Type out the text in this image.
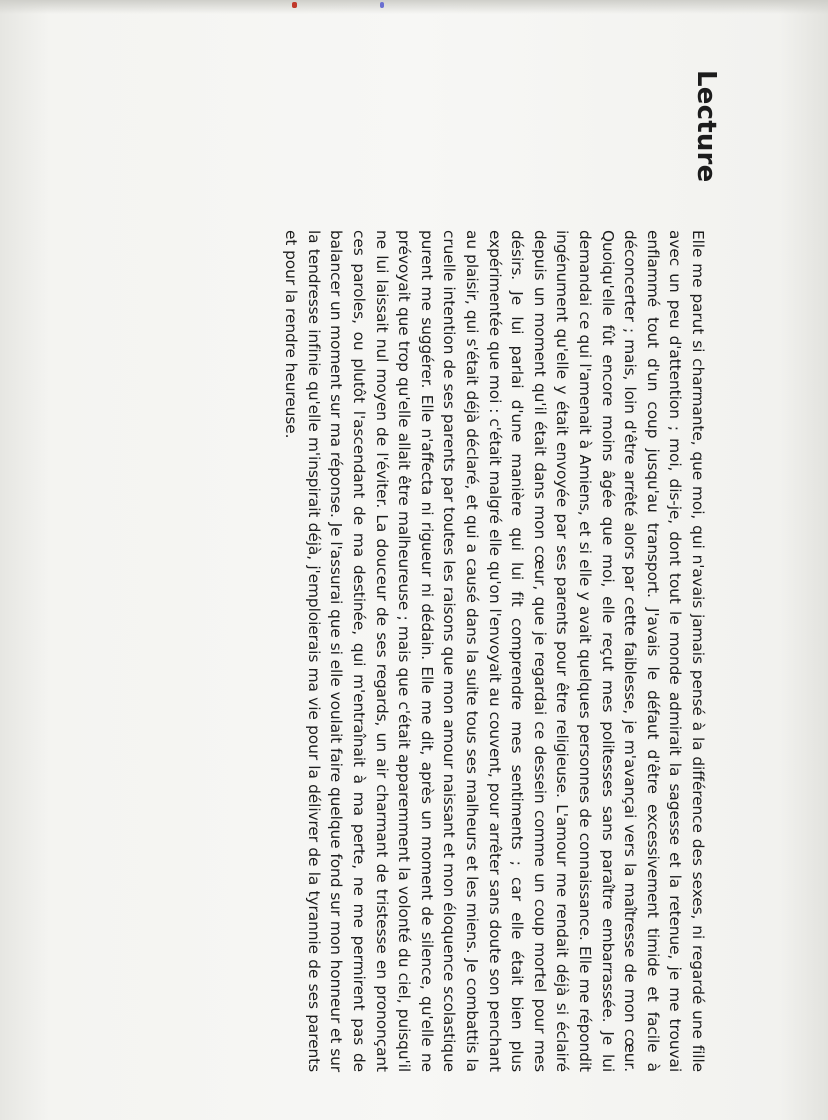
Lecture

Elle me parut si charmante, que moi, qui n'avais jamais pensé à la différence des sexes, ni regardé une fille avec un peu d'attention ; moi, dis-je, dont tout le monde admirait la sagesse et la retenue, je me trouvai enflammé tout d'un coup jusqu'au transport. J'avais le défaut d'être excessivement timide et facile à déconcerter ; mais, loin d'être arrêté alors par cette faiblesse, je m'avançai vers la maîtresse de mon cœur. Quoiqu'elle fût encore moins âgée que moi, elle reçut mes politesses sans paraître embarrassée. Je lui demandai ce qui l'amenait à Amiens, et si elle y avait quelques personnes de connaissance. Elle me répondit ingénument qu'elle y était envoyée par ses parents pour être religieuse. L'amour me rendait déjà si éclairé depuis un moment qu'il était dans mon cœur, que je regardai ce dessein comme un coup mortel pour mes désirs. Je lui parlai d'une manière qui lui fit comprendre mes sentiments ; car elle était bien plus expérimentée que moi : c'était malgré elle qu'on l'envoyait au couvent, pour arrêter sans doute son penchant au plaisir, qui s'était déjà déclaré, et qui a causé dans la suite tous ses malheurs et les miens. Je combattis la cruelle intention de ses parents par toutes les raisons que mon amour naissant et mon éloquence scolastique purent me suggérer. Elle n'affecta ni rigueur ni dédain. Elle me dit, après un moment de silence, qu'elle ne prévoyait que trop qu'elle allait être malheureuse ; mais que c'était apparemment la volonté du ciel, puisqu'il ne lui laissait nul moyen de l'éviter. La douceur de ses regards, un air charmant de tristesse en prononçant ces paroles, ou plutôt l'ascendant de ma destinée, qui m'entraînait à ma perte, ne me permirent pas de balancer un moment sur ma réponse. Je l'assurai que si elle voulait faire quelque fond sur mon honneur et sur la tendresse infinie qu'elle m'inspirait déjà, j'emploierais ma vie pour la délivrer de la tyrannie de ses parents et pour la rendre heureuse.
